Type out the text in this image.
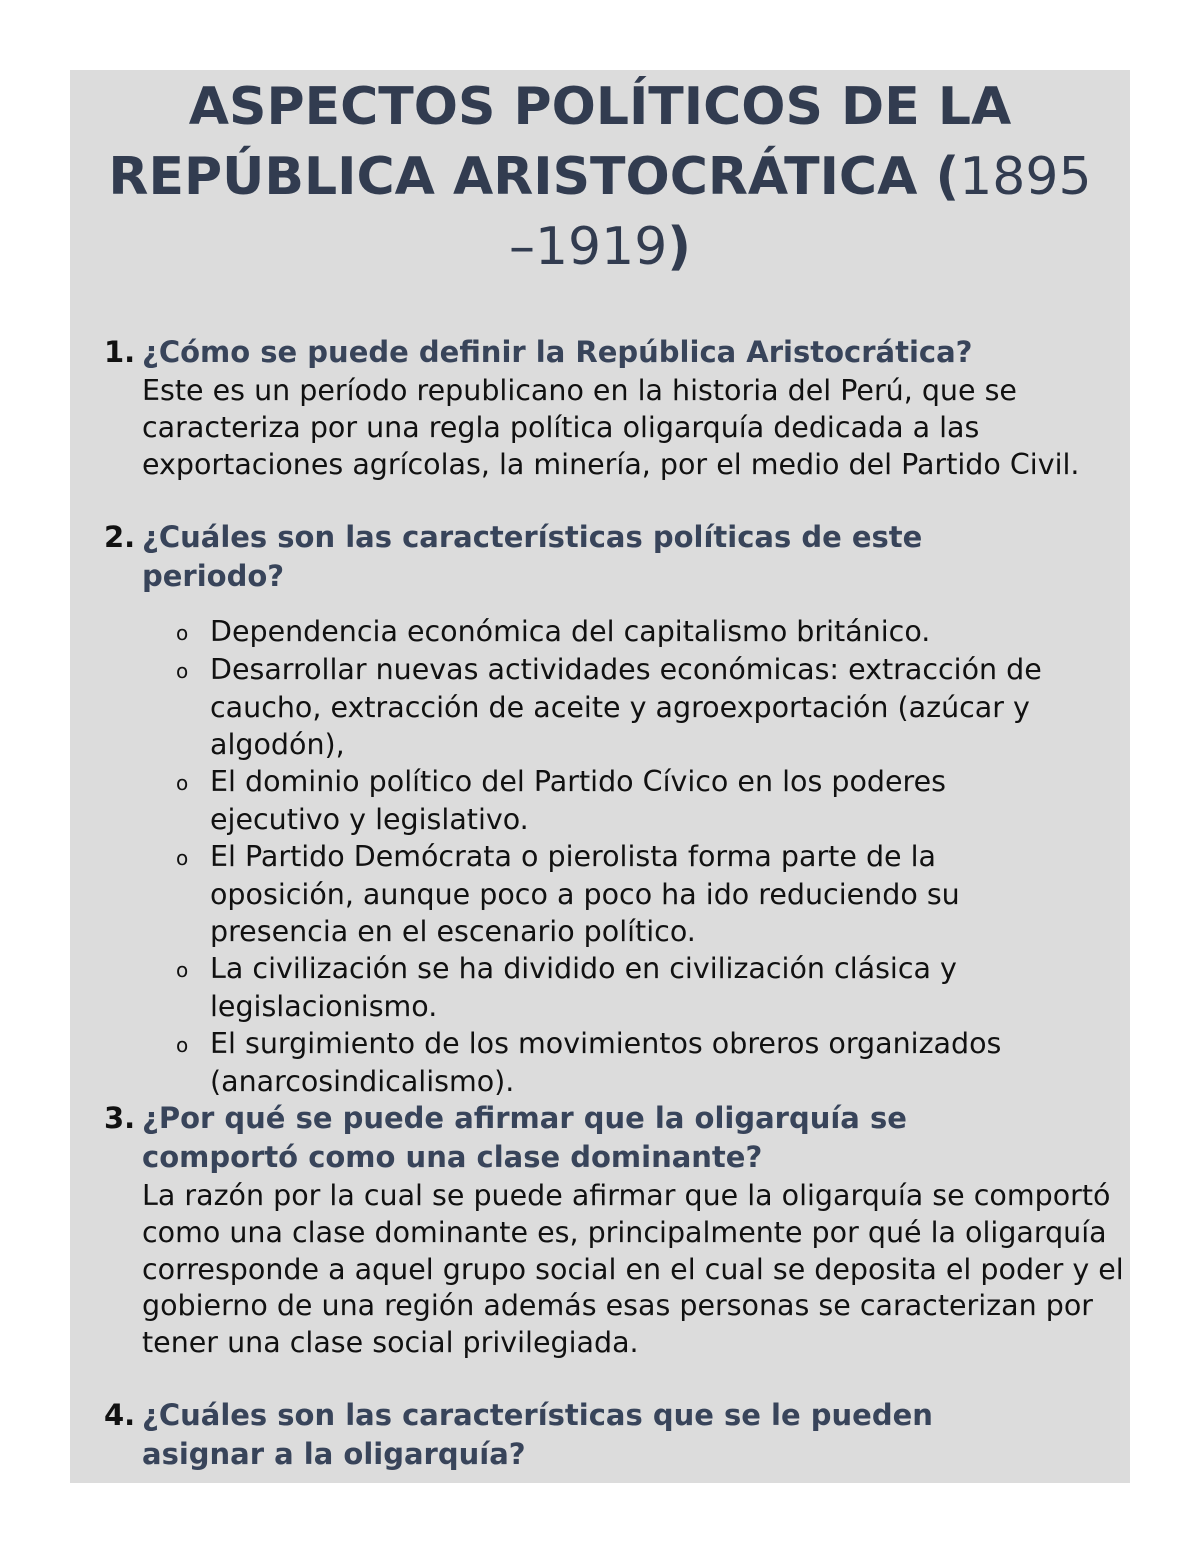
ASPECTOS POLÍTICOS DE LA
REPÚBLICA ARISTOCRÁTICA (1895
–1919)
1. ¿Cómo se puede definir la República Aristocrática?

Este es un período republicano en la historia del Perú, que se caracteriza por una regla política oligarquía dedicada a las exportaciones agrícolas, la minería, por el medio del Partido Civil.

2. ¿Cuáles son las características políticas de este periodo?

o Dependencia económica del capitalismo británico.

o Desarrollar nuevas actividades económicas: extracción de caucho, extracción de aceite y agroexportación (azúcar y algodón),

o El dominio político del Partido Cívico en los poderes ejecutivo y legislativo.

o El Partido Demócrata o pierolista forma parte de la oposición, aunque poco a poco ha ido reduciendo su presencia en el escenario político.

o La civilización se ha dividido en civilización clásica y legislacionismo.

o El surgimiento de los movimientos obreros organizados (anarcosindicalismo).

3. ¿Por qué se puede afirmar que la oligarquía se comportó como una clase dominante?

La razón por la cual se puede afirmar que la oligarquía se comportó como una clase dominante es, principalmente por qué la oligarquía corresponde a aquel grupo social en el cual se deposita el poder y el gobierno de una región además esas personas se caracterizan por tener una clase social privilegiada.

4. ¿Cuáles son las características que se le pueden asignar a la oligarquía?
